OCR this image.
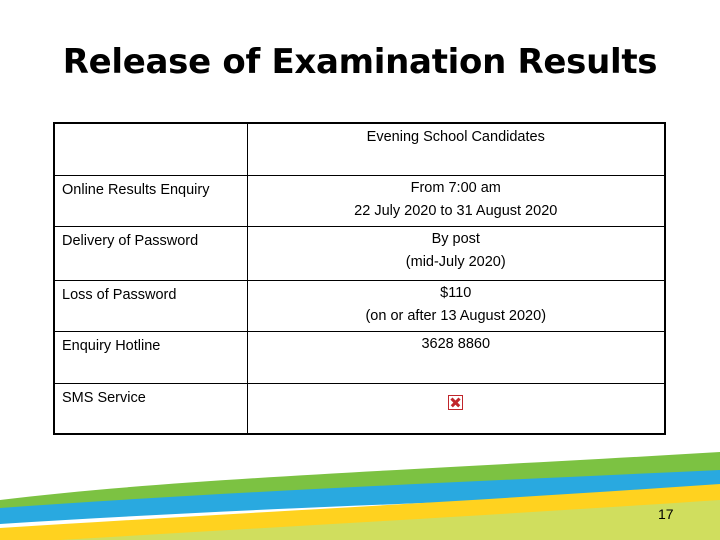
Release of Examination Results
	Evening School Candidates
Online Results Enquiry	From 7:00 am
22 July 2020 to 31 August 2020

Delivery of Password	By post
(mid-July 2020)

Loss of Password	$110
(on or after 13 August 2020)

Enquiry Hotline	3628 8860

SMS Service	
17
